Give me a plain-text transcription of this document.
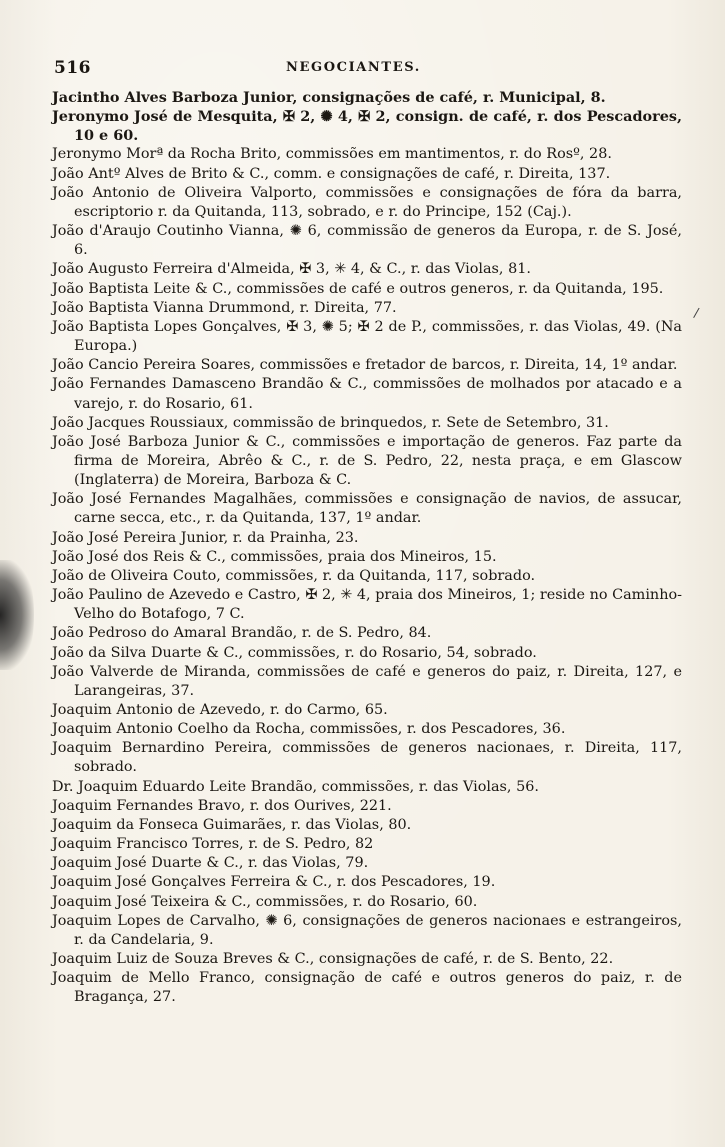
516	NEGOCIANTES.
Jacintho Alves Barboza Junior, consignações de café, r. Municipal, 8.
Jeronymo José de Mesquita, ✠ 2, ✺ 4, ✠ 2, consign. de café, r. dos Pescadores, 10 e 60.
Jeronymo Morª da Rocha Brito, commissões em mantimentos, r. do Rosº, 28.
João Antº Alves de Brito & C., comm. e consignações de café, r. Direita, 137.
João Antonio de Oliveira Valporto, commissões e consignações de fóra da barra, escriptorio r. da Quitanda, 113, sobrado, e r. do Principe, 152 (Caj.).
João d'Araujo Coutinho Vianna, ✺ 6, commissão de generos da Europa, r. de S. José, 6.
João Augusto Ferreira d'Almeida, ✠ 3, ✳ 4, & C., r. das Violas, 81.
João Baptista Leite & C., commissões de café e outros generos, r. da Quitanda, 195.
João Baptista Vianna Drummond, r. Direita, 77.
João Baptista Lopes Gonçalves, ✠ 3, ✺ 5; ✠ 2 de P., commissões, r. das Violas, 49. (Na Europa.)
João Cancio Pereira Soares, commissões e fretador de barcos, r. Direita, 14, 1º andar.
João Fernandes Damasceno Brandão & C., commissões de molhados por atacado e a varejo, r. do Rosario, 61.
João Jacques Roussiaux, commissão de brinquedos, r. Sete de Setembro, 31.
João José Barboza Junior & C., commissões e importação de generos. Faz parte da firma de Moreira, Abrêo & C., r. de S. Pedro, 22, nesta praça, e em Glascow (Inglaterra) de Moreira, Barboza & C.
João José Fernandes Magalhães, commissões e consignação de navios, de assucar, carne secca, etc., r. da Quitanda, 137, 1º andar.
João José Pereira Junior, r. da Prainha, 23.
João José dos Reis & C., commissões, praia dos Mineiros, 15.
João de Oliveira Couto, commissões, r. da Quitanda, 117, sobrado.
João Paulino de Azevedo e Castro, ✠ 2, ✳ 4, praia dos Mineiros, 1; reside no Caminho-Velho do Botafogo, 7 C.
João Pedroso do Amaral Brandão, r. de S. Pedro, 84.
João da Silva Duarte & C., commissões, r. do Rosario, 54, sobrado.
João Valverde de Miranda, commissões de café e generos do paiz, r. Direita, 127, e Larangeiras, 37.
Joaquim Antonio de Azevedo, r. do Carmo, 65.
Joaquim Antonio Coelho da Rocha, commissões, r. dos Pescadores, 36.
Joaquim Bernardino Pereira, commissões de generos nacionaes, r. Direita, 117, sobrado.
Dr. Joaquim Eduardo Leite Brandão, commissões, r. das Violas, 56.
Joaquim Fernandes Bravo, r. dos Ourives, 221.
Joaquim da Fonseca Guimarães, r. das Violas, 80.
Joaquim Francisco Torres, r. de S. Pedro, 82
Joaquim José Duarte & C., r. das Violas, 79.
Joaquim José Gonçalves Ferreira & C., r. dos Pescadores, 19.
Joaquim José Teixeira & C., commissões, r. do Rosario, 60.
Joaquim Lopes de Carvalho, ✺ 6, consignações de generos nacionaes e estrangeiros, r. da Candelaria, 9.
Joaquim Luiz de Souza Breves & C., consignações de café, r. de S. Bento, 22.
Joaquim de Mello Franco, consignação de café e outros generos do paiz, r. de Bragança, 27.
/
